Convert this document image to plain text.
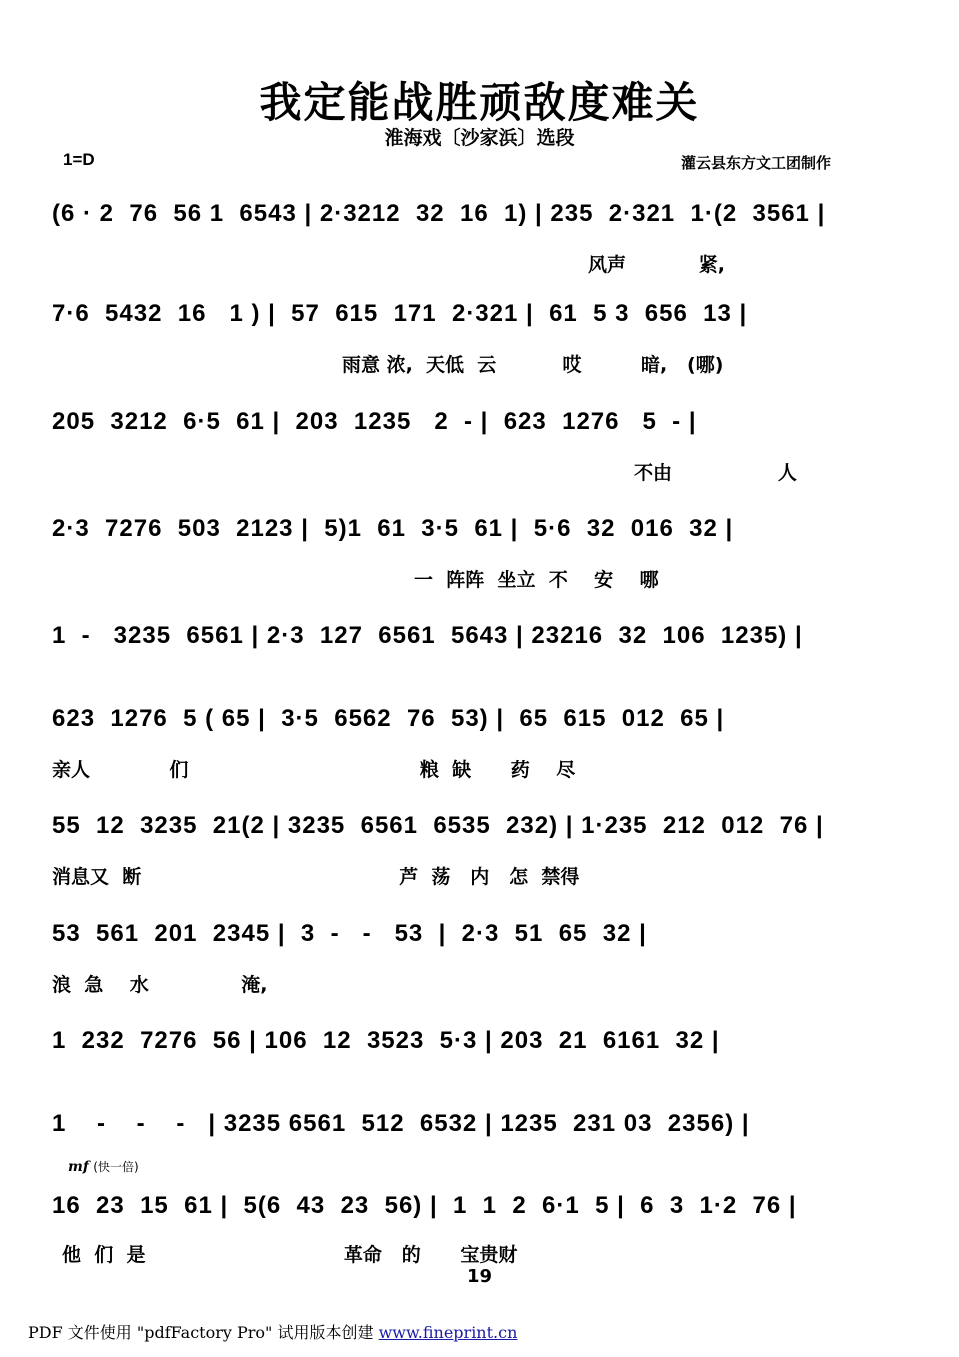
我定能战胜顽敌度难关
淮海戏〔沙家浜〕选段
1=D	灌云县东方文工团制作
(6 · 2  76  56 1  6543 | 2·3212  32  16  1) | 235  2·321  1·(2  3561 |
风声           紧,
7·6  5432  16   1 ) |  57  615  171  2·321 |  61  5 3  656  13 |
雨意 浓,  天低  云          哎         暗,   (哪)
205  3212  6·5  61 |  203  1235   2  - |  623  1276   5  - |
不由                人
2·3  7276  503  2123 |  5)1  61  3·5  61 |  5·6  32  016  32 |
一  阵阵  坐立  不    安    哪
1  -   3235  6561 | 2·3  127  6561  5643 | 23216  32  106  1235) |
623  1276  5 ( 65 |  3·5  6562  76  53) |  65  615  012  65 |
亲人            们                                   粮  缺      药    尽
55  12  3235  21(2 | 3235  6561  6535  232) | 1·235  212  012  76 |
消息又  断                                       芦  荡   内   怎  禁得
53  561  201  2345 |  3  -   -   53  |  2·3  51  65  32 |
浪  急    水              淹,
1  232  7276  56 | 106  12  3523  5·3 | 203  21  6161  32 |
1    -    -    -   | 3235 6561  512  6532 | 1235  231 03  2356) |
mf (快一倍)
16  23  15  61 |  5(6  43  23  56) |  1  1  2  6·1  5 |  6  3  1·2  76 |
他  们  是                              革命   的      宝贵财
19
PDF 文件使用 "pdfFactory Pro" 试用版本创建 www.fineprint.cn
